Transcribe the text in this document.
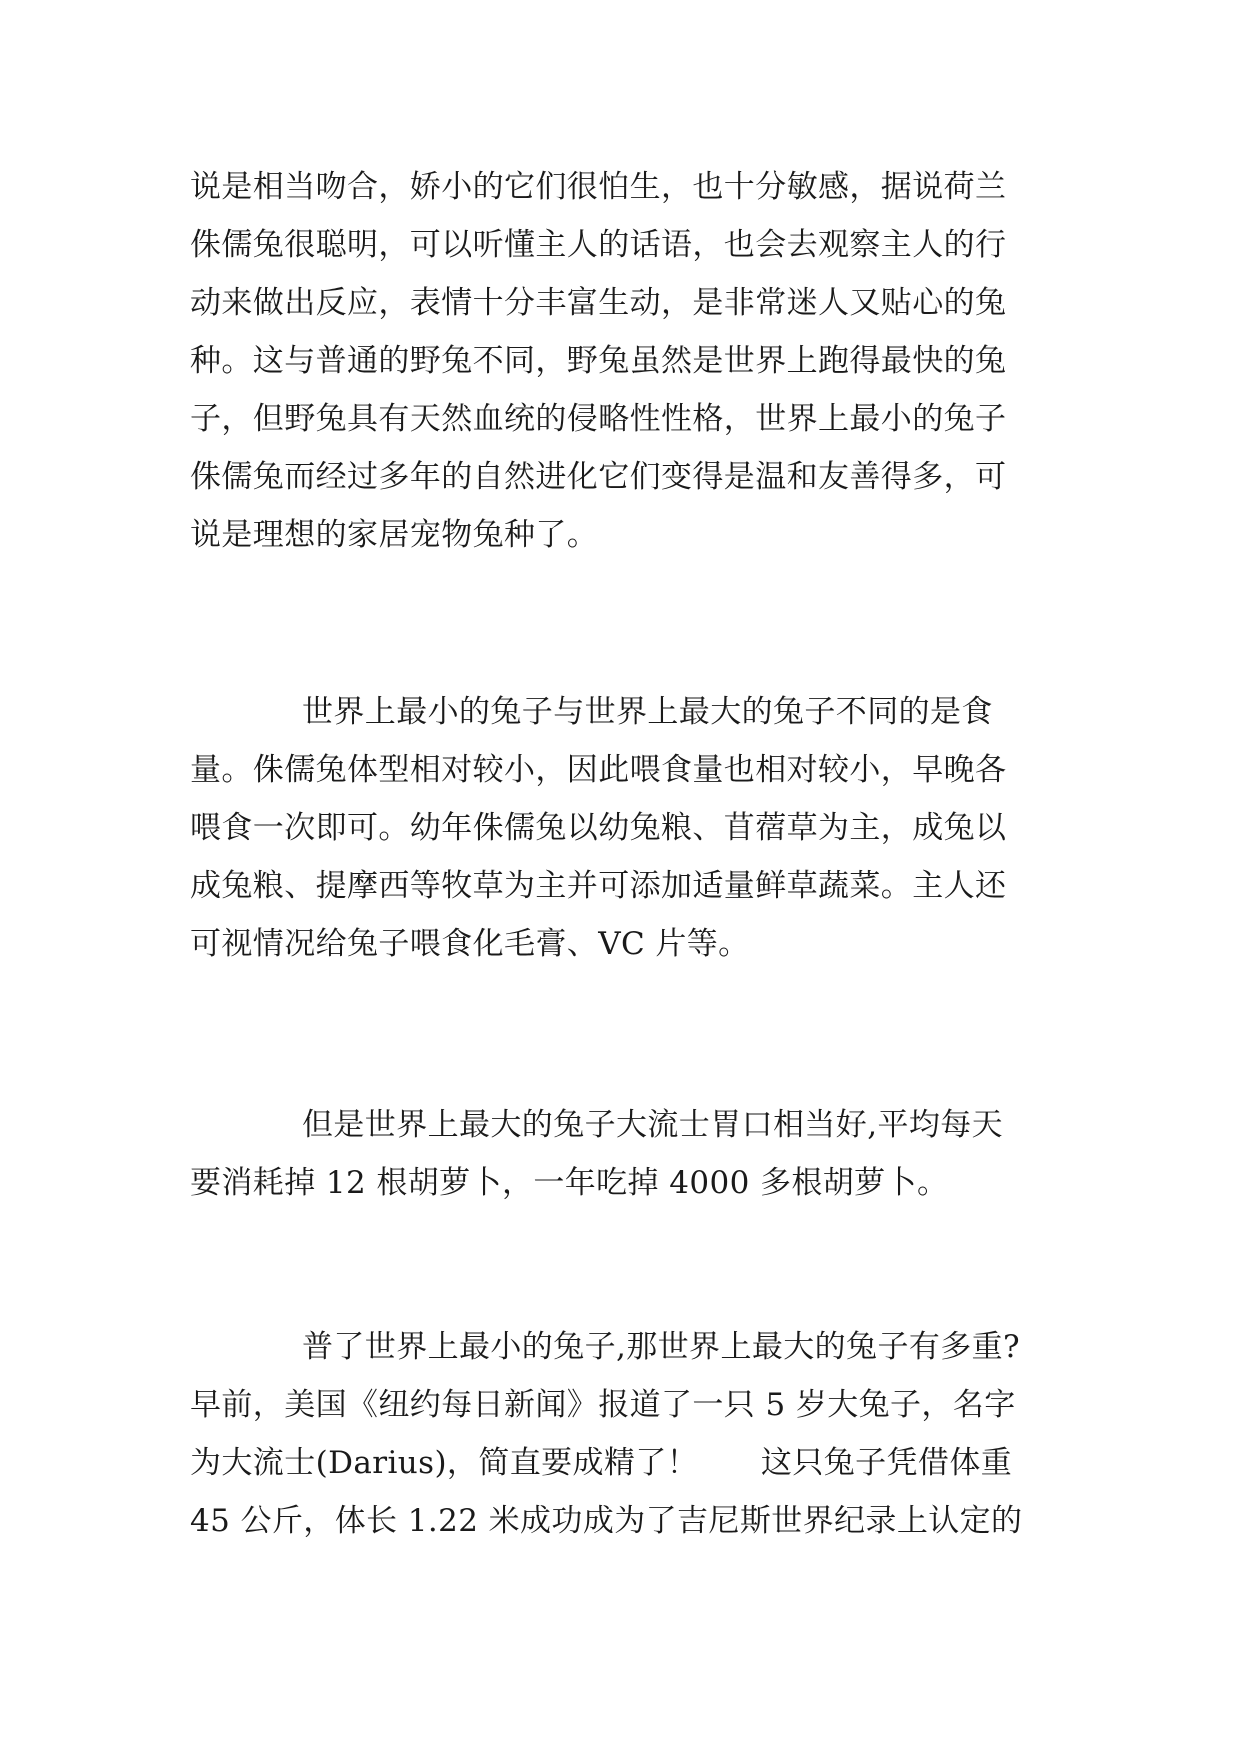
说是相当吻合，娇小的它们很怕生，也十分敏感，据说荷兰
侏儒兔很聪明，可以听懂主人的话语，也会去观察主人的行
动来做出反应，表情十分丰富生动，是非常迷人又贴心的兔
种。这与普通的野兔不同，野兔虽然是世界上跑得最快的兔
子，但野兔具有天然血统的侵略性性格，世界上最小的兔子
侏儒兔而经过多年的自然进化它们变得是温和友善得多，可
说是理想的家居宠物兔种了。
世界上最小的兔子与世界上最大的兔子不同的是食
量。侏儒兔体型相对较小，因此喂食量也相对较小，早晚各
喂食一次即可。幼年侏儒兔以幼兔粮、苜蓿草为主，成兔以
成兔粮、提摩西等牧草为主并可添加适量鲜草蔬菜。主人还
可视情况给兔子喂食化毛膏、VC 片等。
但是世界上最大的兔子大流士胃口相当好,平均每天
要消耗掉 12 根胡萝卜，一年吃掉 4000 多根胡萝卜。
普了世界上最小的兔子,那世界上最大的兔子有多重?
早前，美国《纽约每日新闻》报道了一只 5 岁大兔子，名字
为大流士(Darius)，简直要成精了！　　这只兔子凭借体重
45 公斤，体长 1.22 米成功成为了吉尼斯世界纪录上认定的
